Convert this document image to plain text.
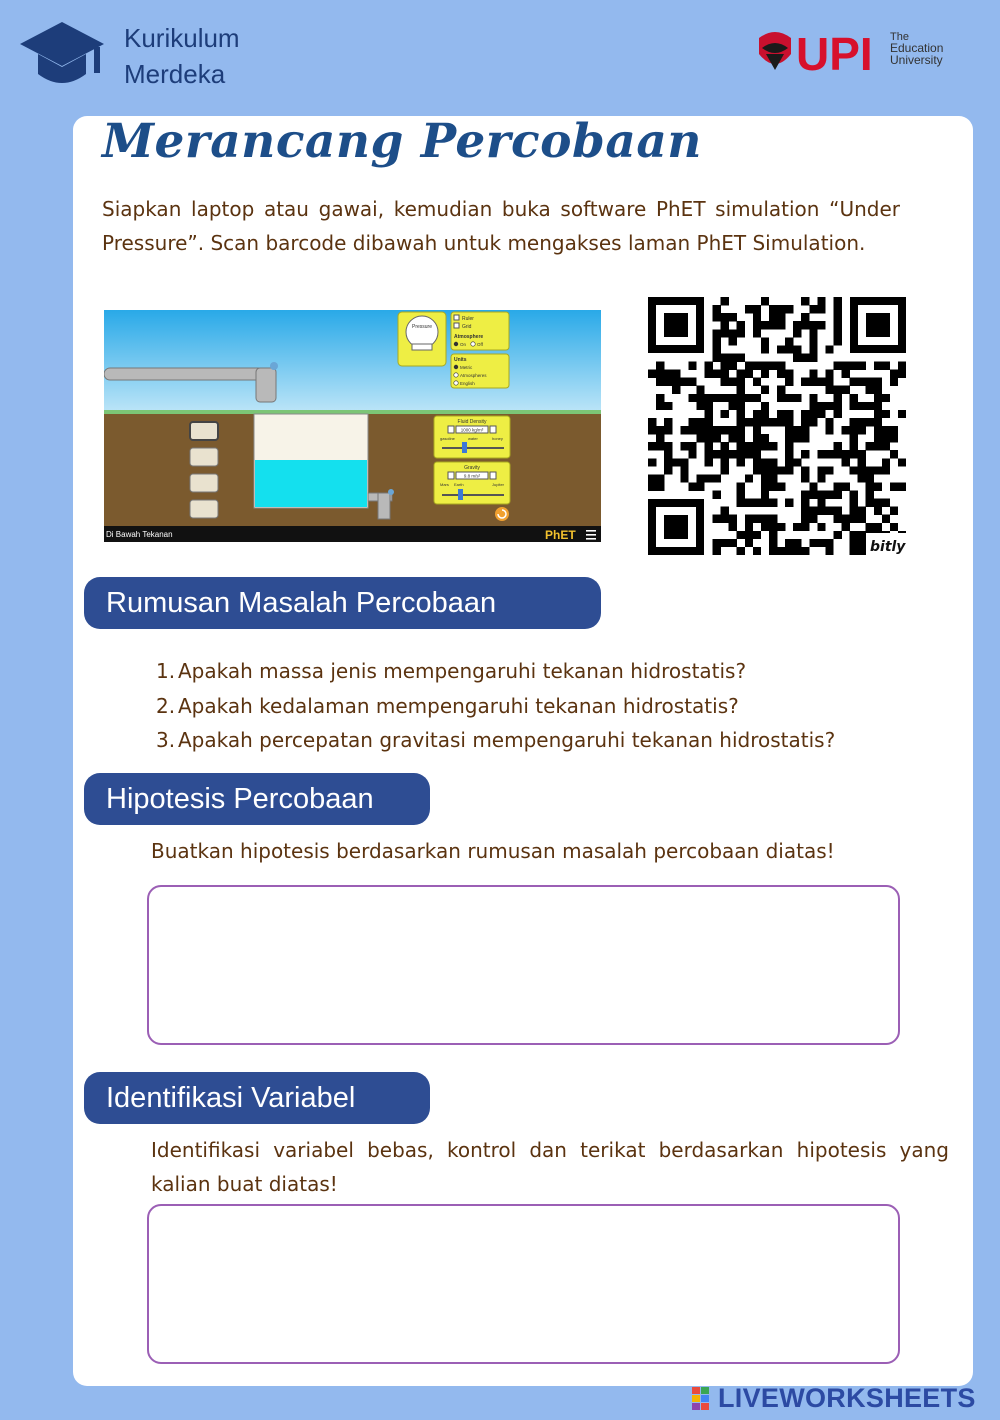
Kurikulum
Merdeka	UPI The
Education
University
Merancang Percobaan
Siapkan laptop atau gawai, kemudian buka software PhET simulation “Under Pressure”. Scan barcode dibawah untuk mengakses laman PhET Simulation.
Pressure
Ruler
Grid
Atmosphere
On Off
Units
Metric
Atmospheres
English
Fluid Density
1000 kg/m³
gasoline	water	honey
Gravity
9.8 m/s²
Mars Earth	Jupiter
Di Bawah Tekanan	PhET
bitly
Rumusan Masalah Percobaan
1. Apakah massa jenis mempengaruhi tekanan hidrostatis?
2. Apakah kedalaman mempengaruhi tekanan hidrostatis?
3. Apakah percepatan gravitasi mempengaruhi tekanan hidrostatis?
Hipotesis Percobaan
Buatkan hipotesis berdasarkan rumusan masalah percobaan diatas!
Identifikasi Variabel
Identifikasi variabel bebas, kontrol dan terikat berdasarkan hipotesis yang kalian buat diatas!
LIVEWORKSHEETS
